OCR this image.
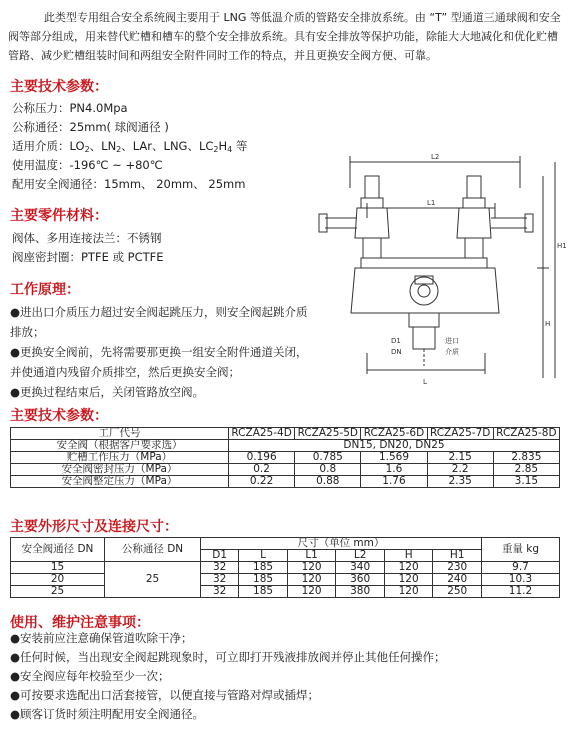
此类型专用组合安全系统阀主要用于 LNG 等低温介质的管路安全排放系统。由 “T” 型通道三通球阀和安全阀等部分组成，用来替代贮槽和槽车的整个安全排放系统。具有安全排放等保护功能，除能大大地减化和优化贮槽管路、减少贮槽组装时间和两组安全附件同时工作的特点，并且更换安全阀方便、可靠。
主要技术参数：
公称压力：PN4.0Mpa
公称通径：25mm( 球阀通径 )
适用介质：$LO_2$、$LN_2$、LAr、LNG、$LC_2H_4$ 等
使用温度：-196℃ ~ +80℃
配用安全阀通径：15mm、 20mm、 25mm
主要零件材料：
阀体、多用连接法兰：不锈钢
阀座密封圈：PTFE 或 PCTFE
工作原理：
●进出口介质压力超过安全阀起跳压力，则安全阀起跳介质排放；
●更换安全阀前，先将需要那更换一组安全附件通道关闭，并使通道内残留介质排空，然后更换安全阀；
●更换过程结束后，关闭管路放空阀。
L2
L1
L
D1
DN
进口
介质
H
H1
主要技术参数：
工厂代号	RCZA25-4D	RCZA25-5D	RCZA25-6D	RCZA25-7D	RCZA25-8D
安全阀（根据客户要求选）	DN15, DN20, DN25				
贮槽工作压力（MPa）	0.196	0.785	1.569	2.15	2.835
安全阀密封压力（MPa）	0.2	0.8	1.6	2.2	2.85
安全阀整定压力（MPa）	0.22	0.88	1.76	2.35	3.15
主要外形尺寸及连接尺寸：
安全阀通径 DN	公称通径 DN	尺寸（单位 mm）						重量 kg
		D1	L	L1	L2	H	H1	
15	25	32	185	120	340	120	230	9.7
20		32	185	120	360	120	240	10.3
25		32	185	120	380	120	250	11.2
使用、维护注意事项：
●安装前应注意确保管道吹除干净；
●任何时候，当出现安全阀起跳现象时，可立即打开残液排放阀并停止其他任何操作；
●安全阀应每年校验至少一次；
●可按要求选配出口活套接管，以便直接与管路对焊或插焊；
●顾客订货时须注明配用安全阀通径。
